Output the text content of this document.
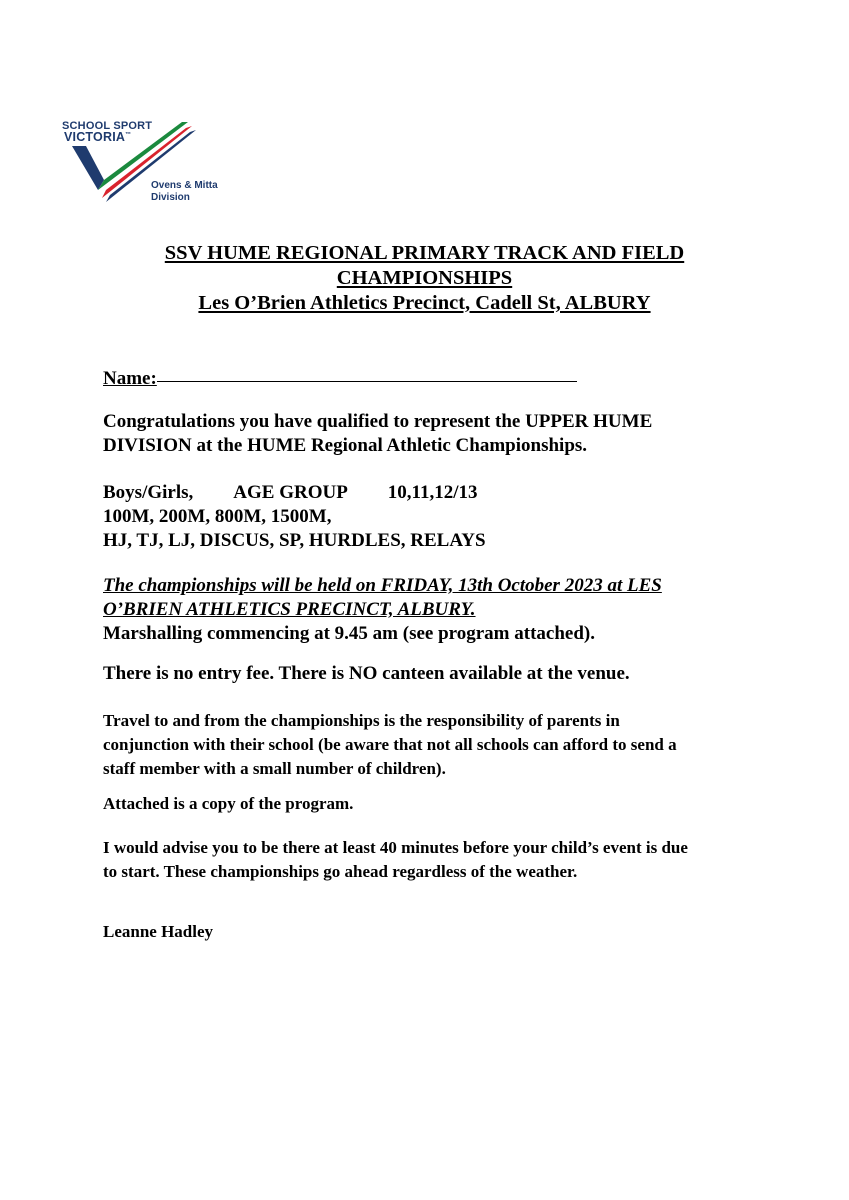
SCHOOL SPORT
VICTORIA™
Ovens & Mitta
Division
SSV HUME REGIONAL PRIMARY TRACK AND FIELD
CHAMPIONSHIPS
Les O’Brien Athletics Precinct, Cadell St, ALBURY
Name:
Congratulations you have qualified to represent the UPPER HUME
DIVISION at the HUME Regional Athletic Championships.
Boys/Girls, AGE GROUP 10,11,12/13
100M, 200M, 800M, 1500M,
HJ, TJ, LJ, DISCUS, SP, HURDLES, RELAYS
The championships will be held on FRIDAY, 13th October 2023 at LES
O’BRIEN ATHLETICS PRECINCT, ALBURY.
Marshalling commencing at 9.45 am (see program attached).
There is no entry fee. There is NO canteen available at the venue.
Travel to and from the championships is the responsibility of parents in
conjunction with their school (be aware that not all schools can afford to send a
staff member with a small number of children).
Attached is a copy of the program.
I would advise you to be there at least 40 minutes before your child’s event is due
to start. These championships go ahead regardless of the weather.
Leanne Hadley
